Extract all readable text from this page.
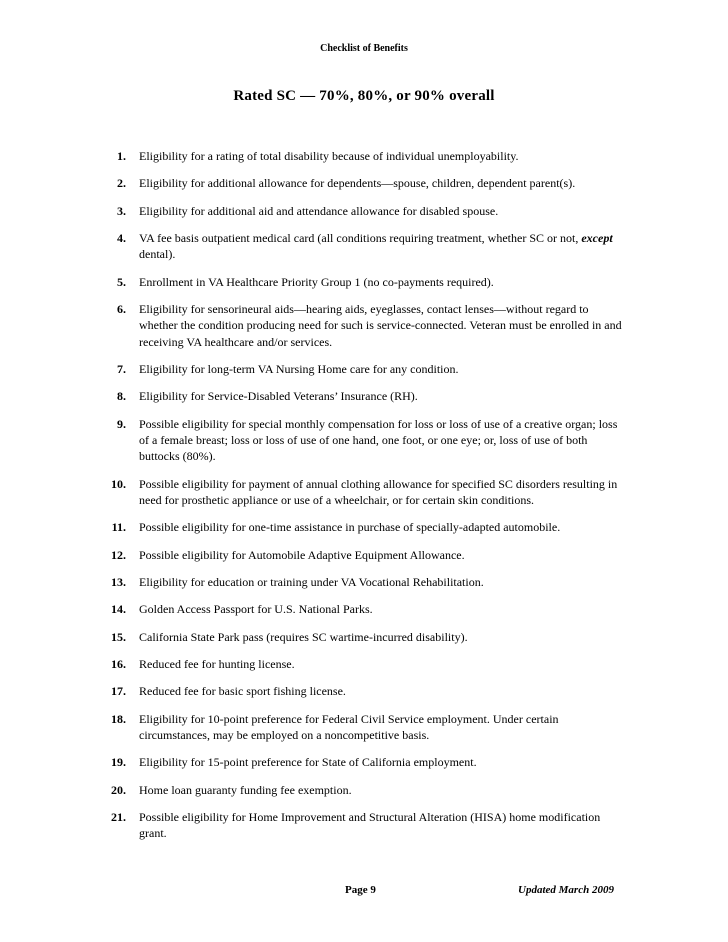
Checklist of Benefits
Rated SC — 70%, 80%, or 90% overall
1.	Eligibility for a rating of total disability because of individual unemployability.
2.	Eligibility for additional allowance for dependents—spouse, children, dependent parent(s).
3.	Eligibility for additional aid and attendance allowance for disabled spouse.
4.	VA fee basis outpatient medical card (all conditions requiring treatment, whether SC or not, except dental).
5.	Enrollment in VA Healthcare Priority Group 1 (no co-payments required).
6.	Eligibility for sensorineural aids—hearing aids, eyeglasses, contact lenses—without regard to whether the condition producing need for such is service-connected. Veteran must be enrolled in and receiving VA healthcare and/or services.
7.	Eligibility for long-term VA Nursing Home care for any condition.
8.	Eligibility for Service-Disabled Veterans’ Insurance (RH).
9.	Possible eligibility for special monthly compensation for loss or loss of use of a creative organ; loss of a female breast; loss or loss of use of one hand, one foot, or one eye; or, loss of use of both buttocks (80%).
10.	Possible eligibility for payment of annual clothing allowance for specified SC disorders resulting in need for prosthetic appliance or use of a wheelchair, or for certain skin conditions.
11.	Possible eligibility for one-time assistance in purchase of specially-adapted automobile.
12.	Possible eligibility for Automobile Adaptive Equipment Allowance.
13.	Eligibility for education or training under VA Vocational Rehabilitation.
14.	Golden Access Passport for U.S. National Parks.
15.	California State Park pass (requires SC wartime-incurred disability).
16.	Reduced fee for hunting license.
17.	Reduced fee for basic sport fishing license.
18.	Eligibility for 10-point preference for Federal Civil Service employment. Under certain circumstances, may be employed on a noncompetitive basis.
19.	Eligibility for 15-point preference for State of California employment.
20.	Home loan guaranty funding fee exemption.
21.	Possible eligibility for Home Improvement and Structural Alteration (HISA) home modification grant.
Page 9	Updated March 2009
